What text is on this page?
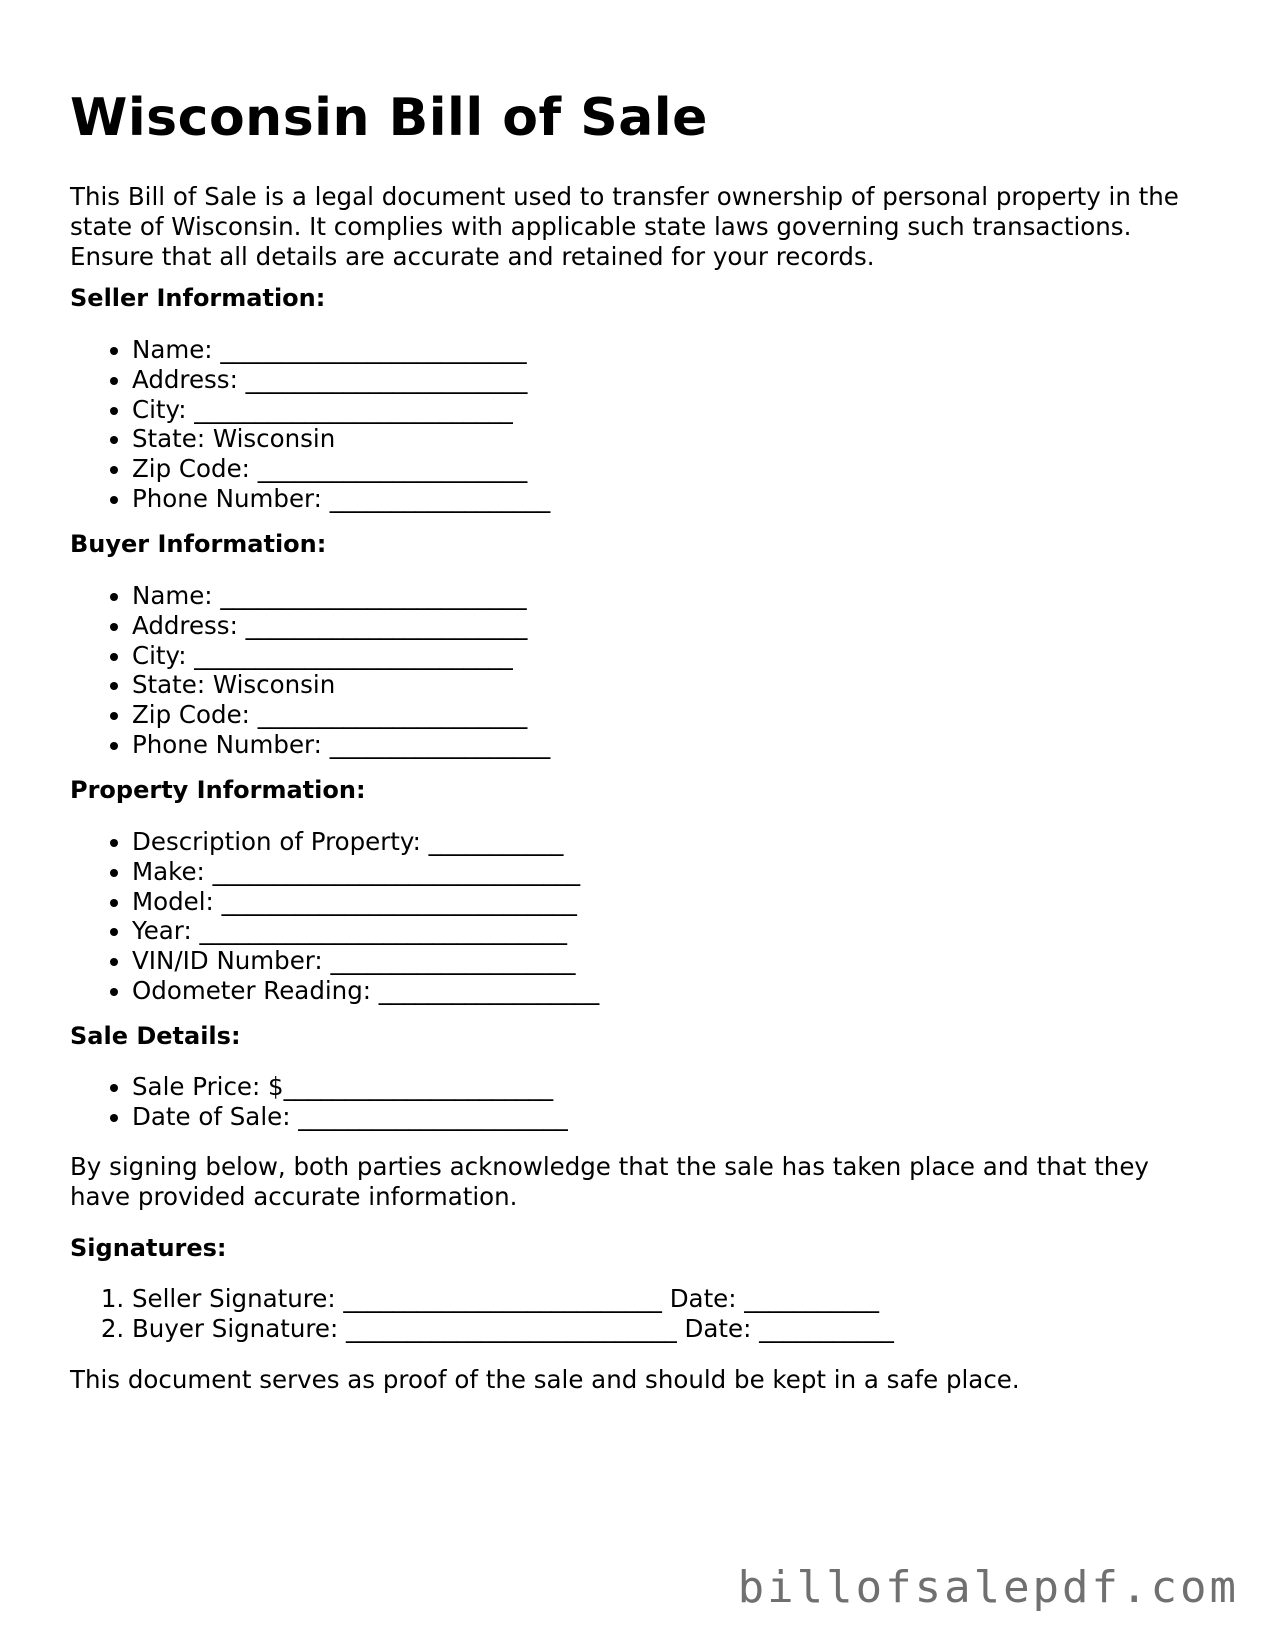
Wisconsin Bill of Sale

This Bill of Sale is a legal document used to transfer ownership of personal property in the
state of Wisconsin. It complies with applicable state laws governing such transactions.
Ensure that all details are accurate and retained for your records.

Seller Information:

• Name: _________________________
• Address: _______________________
• City: __________________________
• State: Wisconsin
• Zip Code: ______________________
• Phone Number: __________________

Buyer Information:

• Name: _________________________
• Address: _______________________
• City: __________________________
• State: Wisconsin
• Zip Code: ______________________
• Phone Number: __________________

Property Information:

• Description of Property: ___________
• Make: ______________________________
• Model: _____________________________
• Year: ______________________________
• VIN/ID Number: ____________________
• Odometer Reading: __________________

Sale Details:

• Sale Price: $______________________
• Date of Sale: ______________________

By signing below, both parties acknowledge that the sale has taken place and that they
have provided accurate information.

Signatures:

1. Seller Signature: __________________________ Date: ___________
2. Buyer Signature: ___________________________ Date: ___________

This document serves as proof of the sale and should be kept in a safe place.

billofsalepdf.com
